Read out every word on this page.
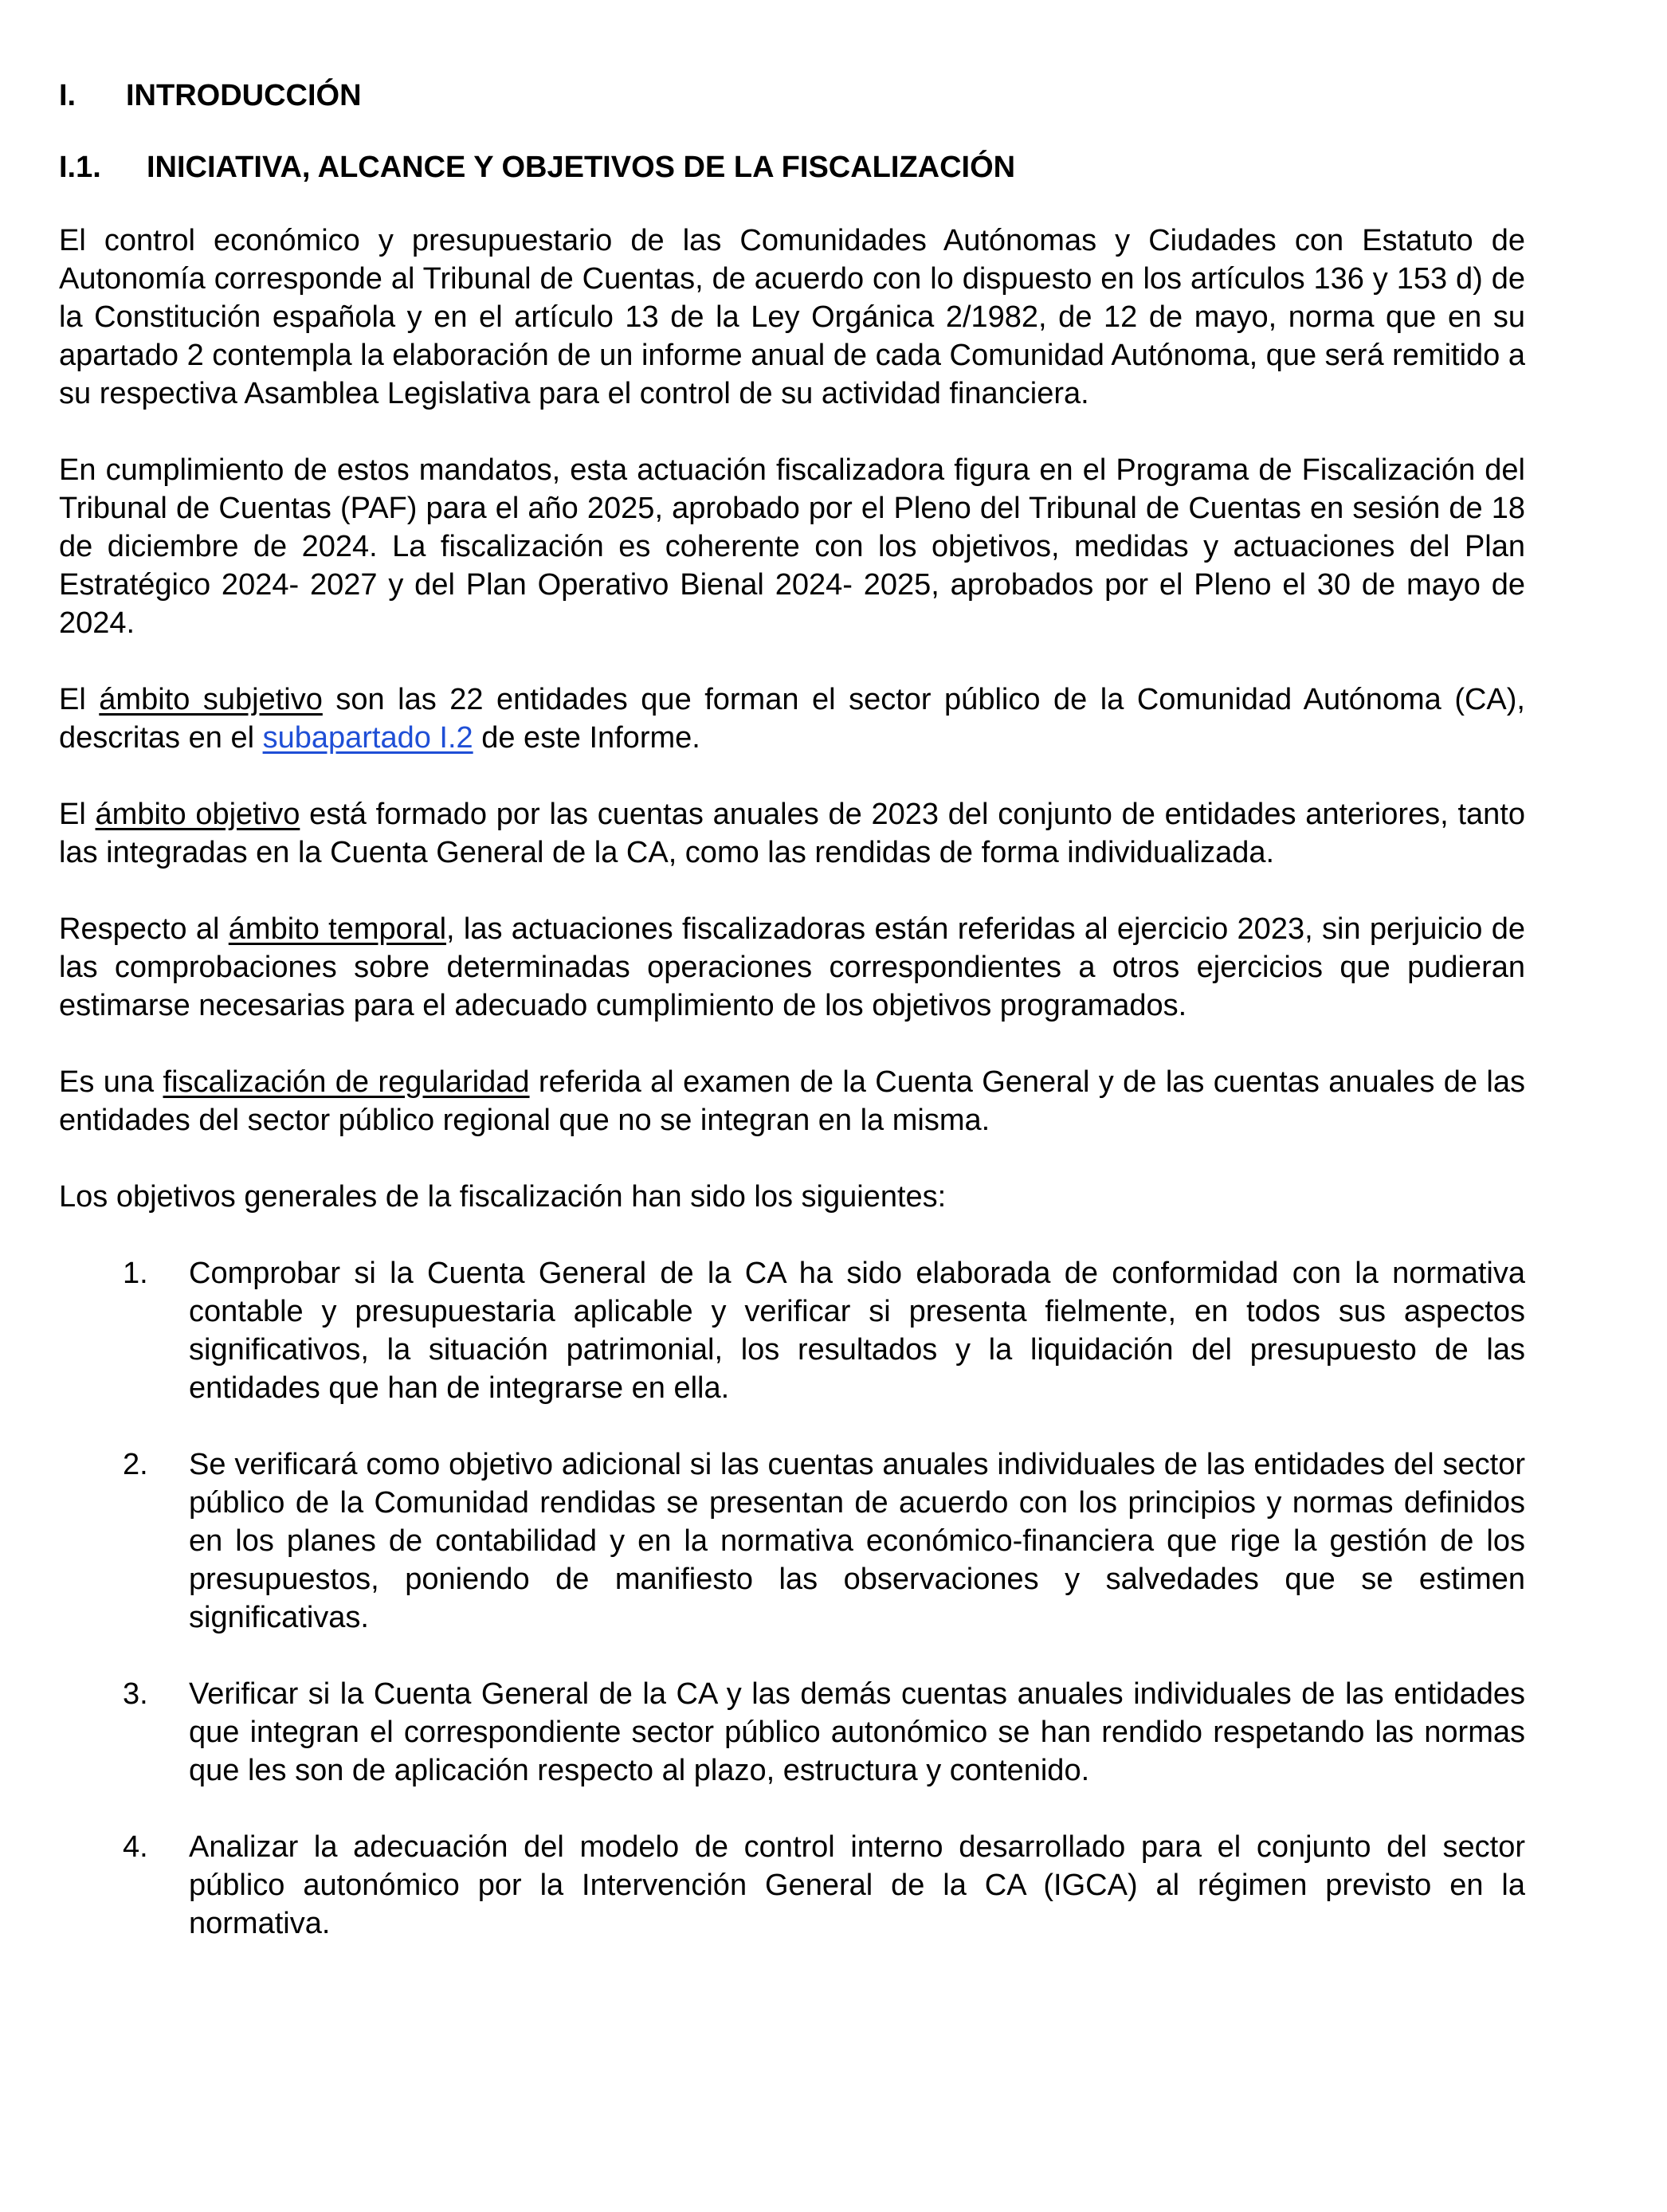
I. INTRODUCCIÓN
I.1. INICIATIVA, ALCANCE Y OBJETIVOS DE LA FISCALIZACIÓN

El control económico y presupuestario de las Comunidades Autónomas y Ciudades con Estatuto de Autonomía corresponde al Tribunal de Cuentas, de acuerdo con lo dispuesto en los artículos 136 y 153 d) de la Constitución española y en el artículo 13 de la Ley Orgánica 2/1982, de 12 de mayo, norma que en su apartado 2 contempla la elaboración de un informe anual de cada Comunidad Autónoma, que será remitido a su respectiva Asamblea Legislativa para el control de su actividad financiera.

En cumplimiento de estos mandatos, esta actuación fiscalizadora figura en el Programa de Fiscalización del Tribunal de Cuentas (PAF) para el año 2025, aprobado por el Pleno del Tribunal de Cuentas en sesión de 18 de diciembre de 2024. La fiscalización es coherente con los objetivos, medidas y actuaciones del Plan Estratégico 2024- 2027 y del Plan Operativo Bienal 2024- 2025, aprobados por el Pleno el 30 de mayo de 2024.

El ámbito subjetivo son las 22 entidades que forman el sector público de la Comunidad Autónoma (CA), descritas en el subapartado I.2 de este Informe.

El ámbito objetivo está formado por las cuentas anuales de 2023 del conjunto de entidades anteriores, tanto las integradas en la Cuenta General de la CA, como las rendidas de forma individualizada.

Respecto al ámbito temporal, las actuaciones fiscalizadoras están referidas al ejercicio 2023, sin perjuicio de las comprobaciones sobre determinadas operaciones correspondientes a otros ejercicios que pudieran estimarse necesarias para el adecuado cumplimiento de los objetivos programados.

Es una fiscalización de regularidad referida al examen de la Cuenta General y de las cuentas anuales de las entidades del sector público regional que no se integran en la misma.

Los objetivos generales de la fiscalización han sido los siguientes:

1.	Comprobar si la Cuenta General de la CA ha sido elaborada de conformidad con la normativa contable y presupuestaria aplicable y verificar si presenta fielmente, en todos sus aspectos significativos, la situación patrimonial, los resultados y la liquidación del presupuesto de las entidades que han de integrarse en ella.
2.	Se verificará como objetivo adicional si las cuentas anuales individuales de las entidades del sector público de la Comunidad rendidas se presentan de acuerdo con los principios y normas definidos en los planes de contabilidad y en la normativa económico-financiera que rige la gestión de los presupuestos, poniendo de manifiesto las observaciones y salvedades que se estimen significativas.
3.	Verificar si la Cuenta General de la CA y las demás cuentas anuales individuales de las entidades que integran el correspondiente sector público autonómico se han rendido respetando las normas que les son de aplicación respecto al plazo, estructura y contenido.
4.	Analizar la adecuación del modelo de control interno desarrollado para el conjunto del sector público autonómico por la Intervención General de la CA (IGCA) al régimen previsto en la normativa.
